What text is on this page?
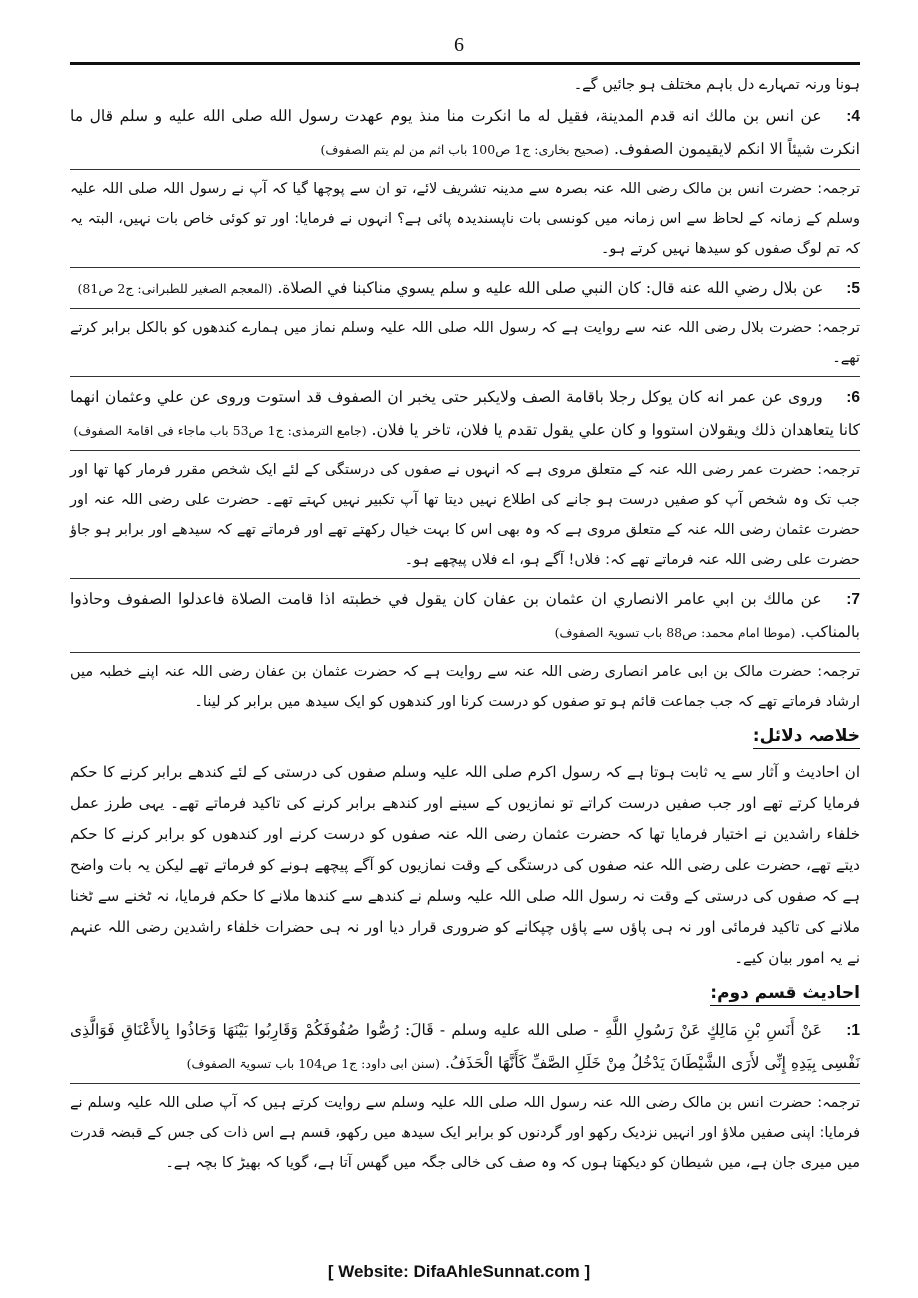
6

ہونا ورنہ تمہارے دل باہم مختلف ہو جائیں گے۔

4: عن انس بن مالك انه قدم المدينة، فقيل له ما انكرت منا منذ يوم عهدت رسول الله صلى الله عليه و سلم قال ما انكرت شيئاً الا انكم لايقيمون الصفوف. (صحیح بخاری: ج1 ص100 باب اثم من لم یتم الصفوف)

ترجمہ: حضرت انس بن مالک رضی اللہ عنہ بصرہ سے مدینہ تشریف لائے، تو ان سے پوچھا گیا کہ آپ نے رسول اللہ صلی اللہ علیہ وسلم کے زمانہ کے لحاظ سے اس زمانہ میں کونسی بات ناپسندیدہ پائی ہے؟ انہوں نے فرمایا: اور تو کوئی خاص بات نہیں، البتہ یہ کہ تم لوگ صفوں کو سیدھا نہیں کرتے ہو۔

5: عن بلال رضي الله عنه قال: كان النبي صلى الله عليه و سلم يسوي مناكبنا في الصلاة. (المعجم الصغیر للطبرانی: ج2 ص81)

ترجمہ: حضرت بلال رضی اللہ عنہ سے روایت ہے کہ رسول اللہ صلی اللہ علیہ وسلم نماز میں ہمارے کندھوں کو بالکل برابر کرتے تھے۔

6: وروی عن عمر انه كان يوكل رجلا باقامة الصف ولايكبر حتى يخبر ان الصفوف قد استوت وروی عن علي وعثمان انهما كانا يتعاهدان ذلك ويقولان استووا و كان علي يقول تقدم يا فلان، تاخر يا فلان. (جامع الترمذی: ج1 ص53 باب ماجاء فی اقامۃ الصفوف)

ترجمہ: حضرت عمر رضی اللہ عنہ کے متعلق مروی ہے کہ انہوں نے صفوں کی درستگی کے لئے ایک شخص مقرر فرمار کھا تھا اور جب تک وہ شخص آپ کو صفیں درست ہو جانے کی اطلاع نہیں دیتا تھا آپ تکبیر نہیں کہتے تھے۔ حضرت علی رضی اللہ عنہ اور حضرت عثمان رضی اللہ عنہ کے متعلق مروی ہے کہ وہ بھی اس کا بہت خیال رکھتے تھے اور فرماتے تھے کہ سیدھے اور برابر ہو جاؤ حضرت علی رضی اللہ عنہ فرماتے تھے کہ: فلاں! آگے ہو، اے فلاں پیچھے ہو۔

7: عن مالك بن ابي عامر الانصاري ان عثمان بن عفان كان يقول في خطبته اذا قامت الصلاة فاعدلوا الصفوف وحاذوا بالمناكب. (موطا امام محمد: ص88 باب تسویۃ الصفوف)

ترجمہ: حضرت مالک بن ابی عامر انصاری رضی اللہ عنہ سے روایت ہے کہ حضرت عثمان بن عفان رضی اللہ عنہ اپنے خطبہ میں ارشاد فرماتے تھے کہ جب جماعت قائم ہو تو صفوں کو درست کرنا اور کندھوں کو ایک سیدھ میں برابر کر لینا۔

خلاصہ دلائل:

ان احادیث و آثار سے یہ ثابت ہوتا ہے کہ رسول اکرم صلی اللہ علیہ وسلم صفوں کی درستی کے لئے کندھے برابر کرنے کا حکم فرمایا کرتے تھے اور جب صفیں درست کراتے تو نمازیوں کے سینے اور کندھے برابر کرنے کی تاکید فرماتے تھے۔ یہی طرز عمل خلفاء راشدین نے اختیار فرمایا تھا کہ حضرت عثمان رضی اللہ عنہ صفوں کو درست کرنے اور کندھوں کو برابر کرنے کا حکم دیتے تھے، حضرت علی رضی اللہ عنہ صفوں کی درستگی کے وقت نمازیوں کو آگے پیچھے ہونے کو فرماتے تھے لیکن یہ بات واضح ہے کہ صفوں کی درستی کے وقت نہ رسول اللہ صلی اللہ علیہ وسلم نے کندھے سے کندھا ملانے کا حکم فرمایا، نہ ٹخنے سے ٹخنا ملانے کی تاکید فرمائی اور نہ ہی پاؤں سے پاؤں چپکانے کو ضروری قرار دیا اور نہ ہی حضرات خلفاء راشدین رضی اللہ عنہم نے یہ امور بیان کیے۔

احادیث قسم دوم:

1: عَنْ أَنَسِ بْنِ مَالِكٍ عَنْ رَسُولِ اللَّهِ - صلى الله عليه وسلم - قَالَ: رُصُّوا صُفُوفَكُمْ وَقَارِبُوا بَيْنَهَا وَحَاذُوا بِالأَعْنَاقِ فَوَالَّذِى نَفْسِى بِيَدِهِ إِنِّى لأَرَى الشَّيْطَانَ يَدْخُلُ مِنْ خَلَلِ الصَّفِّ كَأَنَّهَا الْحَذَفُ. (سنن ابی داود: ج1 ص104 باب تسویۃ الصفوف)

ترجمہ: حضرت انس بن مالک رضی اللہ عنہ رسول اللہ صلی اللہ علیہ وسلم سے روایت کرتے ہیں کہ آپ صلی اللہ علیہ وسلم نے فرمایا: اپنی صفیں ملاؤ اور انہیں نزدیک رکھو اور گردنوں کو برابر ایک سیدھ میں رکھو، قسم ہے اس ذات کی جس کے قبضہ قدرت میں میری جان ہے، میں شیطان کو دیکھتا ہوں کہ وہ صف کی خالی جگہ میں گھس آتا ہے، گویا کہ بھیڑ کا بچہ ہے۔

[ Website: DifaAhleSunnat.com ]
